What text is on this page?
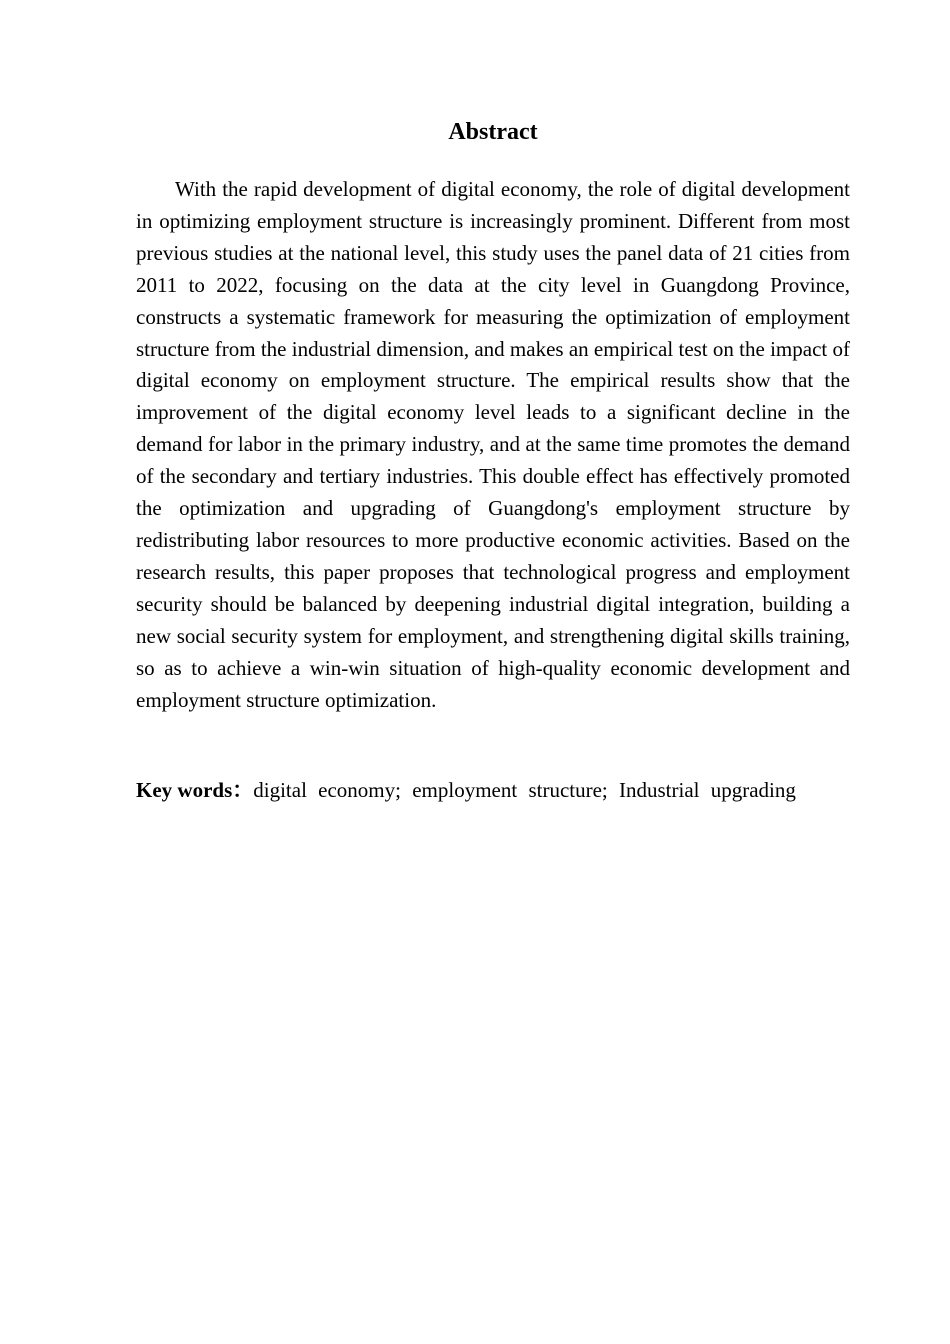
Abstract

With the rapid development of digital economy, the role of digital development in optimizing employment structure is increasingly prominent. Different from most previous studies at the national level, this study uses the panel data of 21 cities from 2011 to 2022, focusing on the data at the city level in Guangdong Province, constructs a systematic framework for measuring the optimization of employment structure from the industrial dimension, and makes an empirical test on the impact of digital economy on employment structure. The empirical results show that the improvement of the digital economy level leads to a significant decline in the demand for labor in the primary industry, and at the same time promotes the demand of the secondary and tertiary industries. This double effect has effectively promoted the optimization and upgrading of Guangdong's employment structure by redistributing labor resources to more productive economic activities. Based on the research results, this paper proposes that technological progress and employment security should be balanced by deepening industrial digital integration, building a new social security system for employment, and strengthening digital skills training, so as to achieve a win-win situation of high-quality economic development and employment structure optimization.

Key words：digital economy; employment structure; Industrial upgrading
